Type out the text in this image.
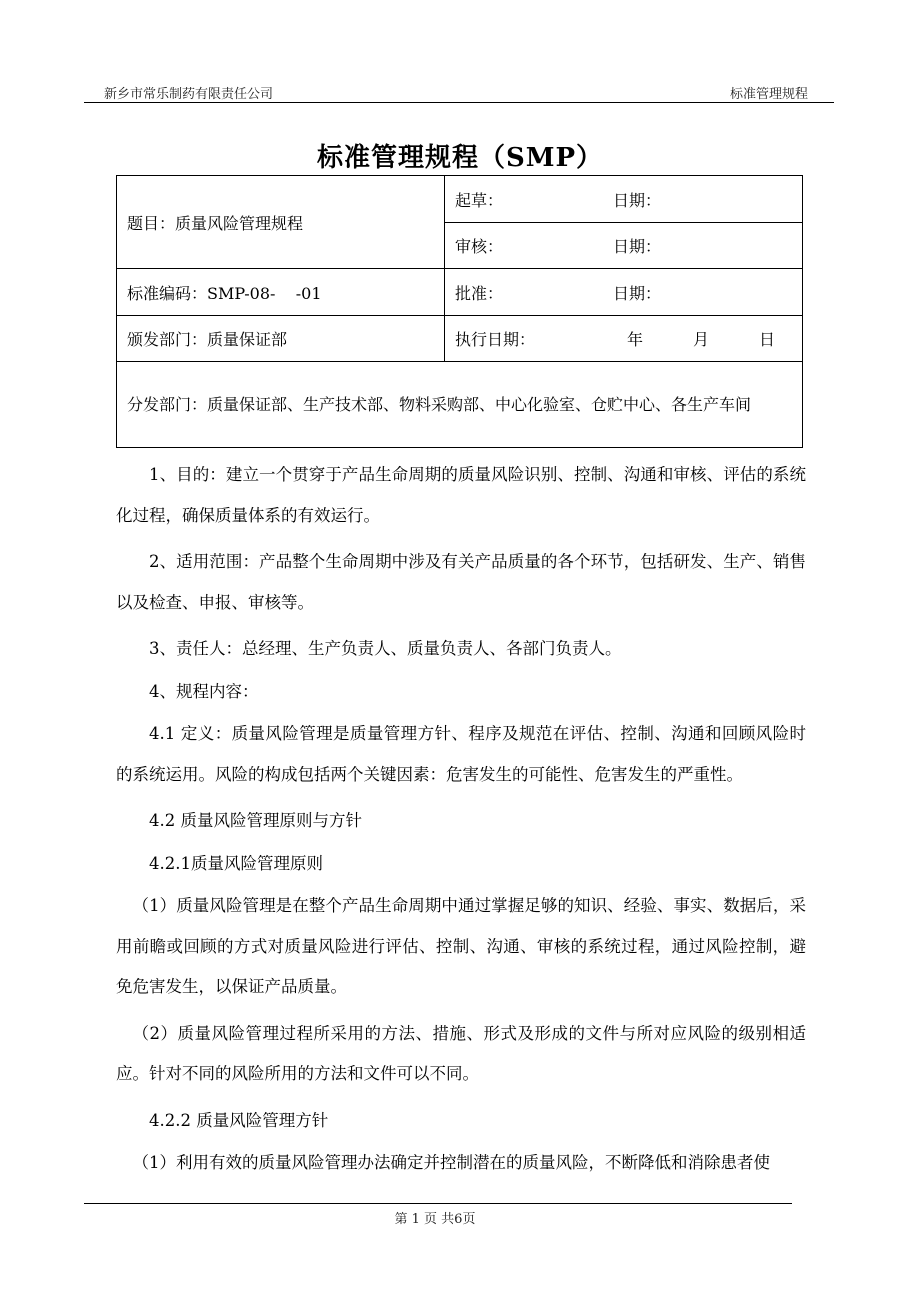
新乡市常乐制药有限责任公司	标准管理规程
标准管理规程（SMP）
题目：质量风险管理规程	起草： 日期：

	审核： 日期：

标准编码：SMP-08-    -01	批准： 日期：

颁发部门：质量保证部	执行日期： 年 月 日

分发部门：质量保证部、生产技术部、物料采购部、中心化验室、仓贮中心、各生产车间	

1、目的：建立一个贯穿于产品生命周期的质量风险识别、控制、沟通和审核、评估的系统化过程，确保质量体系的有效运行。

2、适用范围：产品整个生命周期中涉及有关产品质量的各个环节，包括研发、生产、销售以及检查、申报、审核等。

3、责任人：总经理、生产负责人、质量负责人、各部门负责人。

4、规程内容：

4.1 定义：质量风险管理是质量管理方针、程序及规范在评估、控制、沟通和回顾风险时的系统运用。风险的构成包括两个关键因素：危害发生的可能性、危害发生的严重性。

4.2 质量风险管理原则与方针

4.2.1质量风险管理原则

（1）质量风险管理是在整个产品生命周期中通过掌握足够的知识、经验、事实、数据后，采用前瞻或回顾的方式对质量风险进行评估、控制、沟通、审核的系统过程，通过风险控制，避免危害发生，以保证产品质量。

（2）质量风险管理过程所采用的方法、措施、形式及形成的文件与所对应风险的级别相适应。针对不同的风险所用的方法和文件可以不同。

4.2.2 质量风险管理方针

（1）利用有效的质量风险管理办法确定并控制潜在的质量风险，不断降低和消除患者使

第 1 页 共6页
